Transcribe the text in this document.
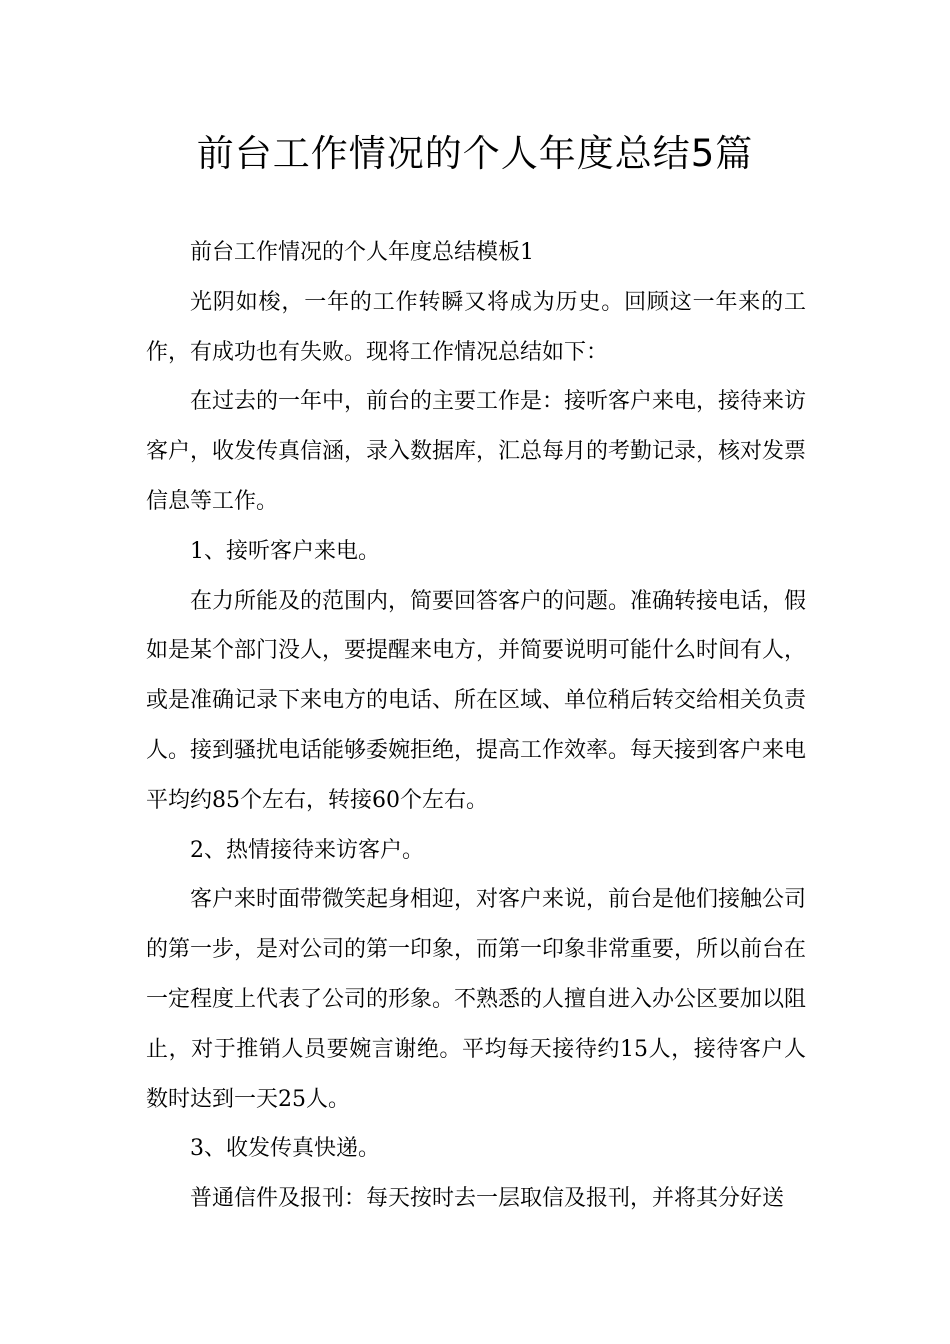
前台工作情况的个人年度总结5篇

前台工作情况的个人年度总结模板1

光阴如梭，一年的工作转瞬又将成为历史。回顾这一年来的工作，有成功也有失败。现将工作情况总结如下：

在过去的一年中，前台的主要工作是：接听客户来电，接待来访客户，收发传真信涵，录入数据库，汇总每月的考勤记录，核对发票信息等工作。

1、接听客户来电。

在力所能及的范围内，简要回答客户的问题。准确转接电话，假如是某个部门没人，要提醒来电方，并简要说明可能什么时间有人，或是准确记录下来电方的电话、所在区域、单位稍后转交给相关负责人。接到骚扰电话能够委婉拒绝，提高工作效率。每天接到客户来电平均约85个左右，转接60个左右。

2、热情接待来访客户。

客户来时面带微笑起身相迎，对客户来说，前台是他们接触公司的第一步，是对公司的第一印象，而第一印象非常重要，所以前台在一定程度上代表了公司的形象。不熟悉的人擅自进入办公区要加以阻止，对于推销人员要婉言谢绝。平均每天接待约15人，接待客户人数时达到一天25人。

3、收发传真快递。

普通信件及报刊：每天按时去一层取信及报刊，并将其分好送
